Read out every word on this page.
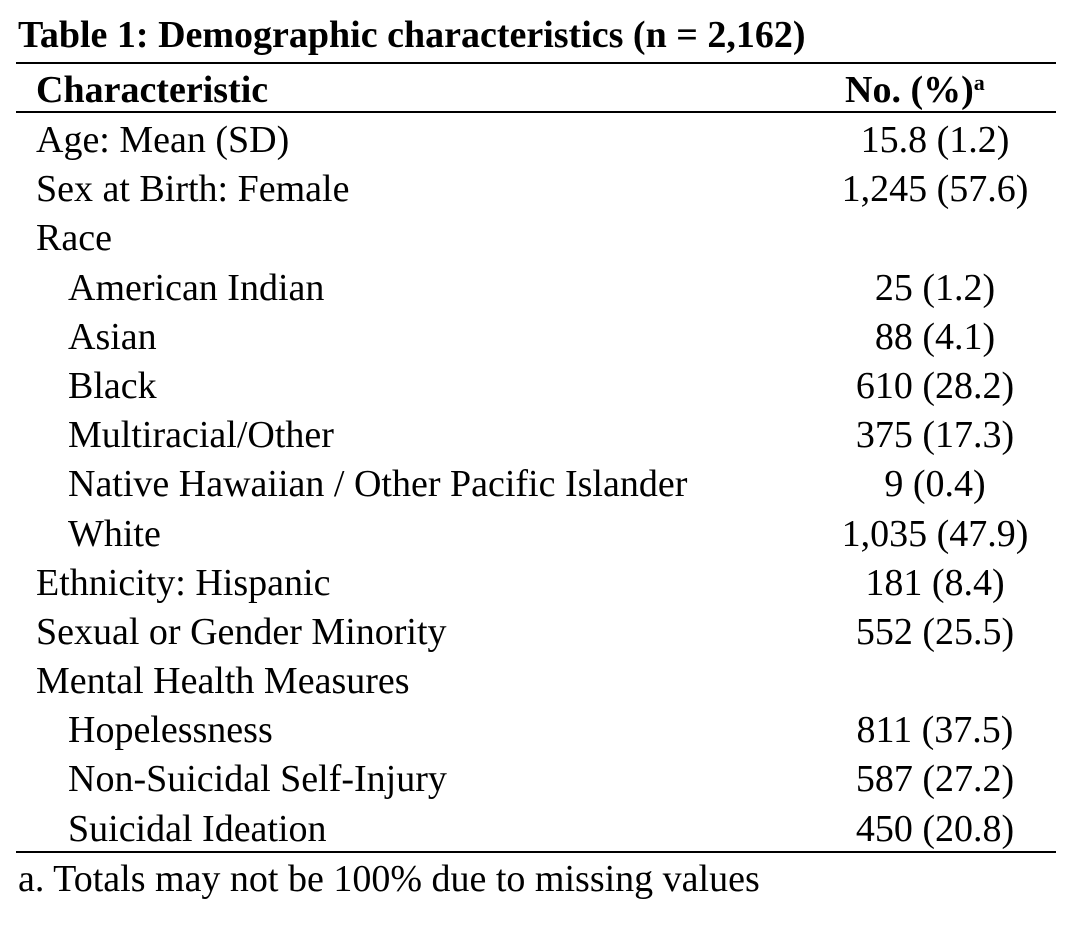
Table 1: Demographic characteristics (n = 2,162)
Characteristic	No. (%)$^a$
Age: Mean (SD)	15.8 (1.2)
Sex at Birth: Female	1,245 (57.6)
Race
American Indian	25 (1.2)
Asian	88 (4.1)
Black	610 (28.2)
Multiracial/Other	375 (17.3)
Native Hawaiian / Other Pacific Islander	9 (0.4)
White	1,035 (47.9)
Ethnicity: Hispanic	181 (8.4)
Sexual or Gender Minority	552 (25.5)
Mental Health Measures
Hopelessness	811 (37.5)
Non-Suicidal Self-Injury	587 (27.2)
Suicidal Ideation	450 (20.8)
a. Totals may not be 100% due to missing values
